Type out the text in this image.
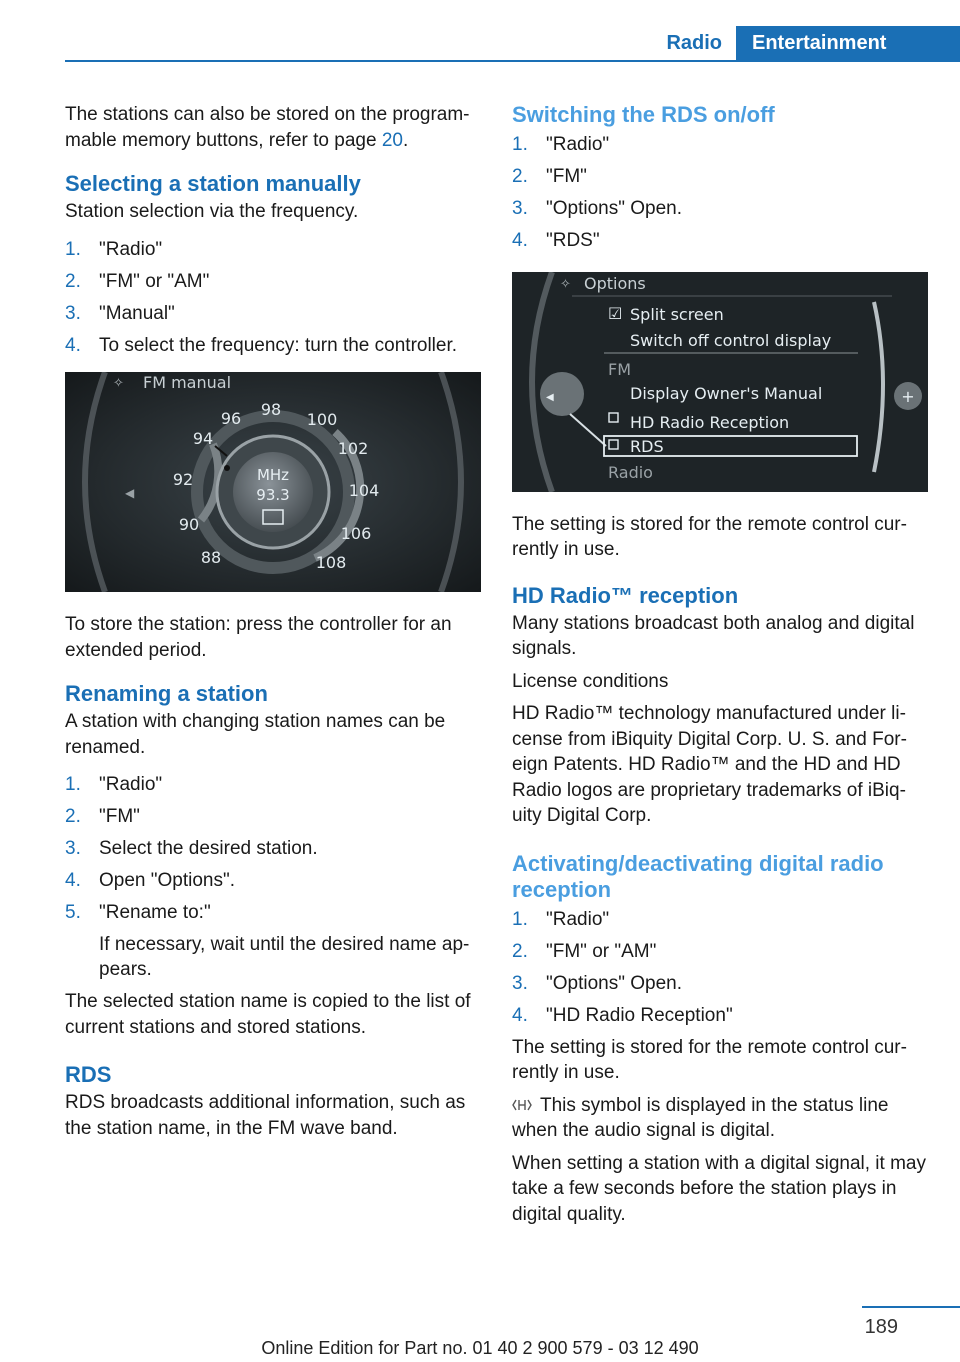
Radio	Entertainment

The stations can also be stored on the program‐ mable memory buttons, refer to page 20.

Selecting a station manually

Station selection via the frequency.

1. "Radio"
2. "FM" or "AM"
3. "Manual"
4. To select the frequency: turn the controller.
◀
✧ FM manual
MHz
93.3
88
90
92
94
96 98
100
102
104
106
108

To store the station: press the controller for an extended period.

Renaming a station

A station with changing station names can be renamed.

1. "Radio"
2. "FM"
3. Select the desired station.
4. Open "Options".
5. "Rename to:"
If necessary, wait until the desired name ap‐ pears.

The selected station name is copied to the list of current stations and stored stations.

RDS

RDS broadcasts additional information, such as the station name, in the FM wave band.

Switching the RDS on/off
1. "Radio"
2. "FM"
3. "Options" Open.
4. "RDS"
+
◀
✧ Options
☑ Split screen
Switch off control display
FM
Display Owner's Manual
HD Radio Reception
RDS
Radio

The setting is stored for the remote control cur‐ rently in use.

HD Radio™ reception

Many stations broadcast both analog and digital signals.

License conditions

HD Radio™ technology manufactured under li‐ cense from iBiquity Digital Corp. U. S. and For‐ eign Patents. HD Radio™ and the HD and HD Radio logos are proprietary trademarks of iBiq‐ uity Digital Corp.

Activating/deactivating digital radio reception
1. "Radio"
2. "FM" or "AM"
3. "Options" Open.
4. "HD Radio Reception"

The setting is stored for the remote control cur‐ rently in use.

This symbol is displayed in the status line when the audio signal is digital.

When setting a station with a digital signal, it may take a few seconds before the station plays in digital quality.

189
Online Edition for Part no. 01 40 2 900 579 - 03 12 490
